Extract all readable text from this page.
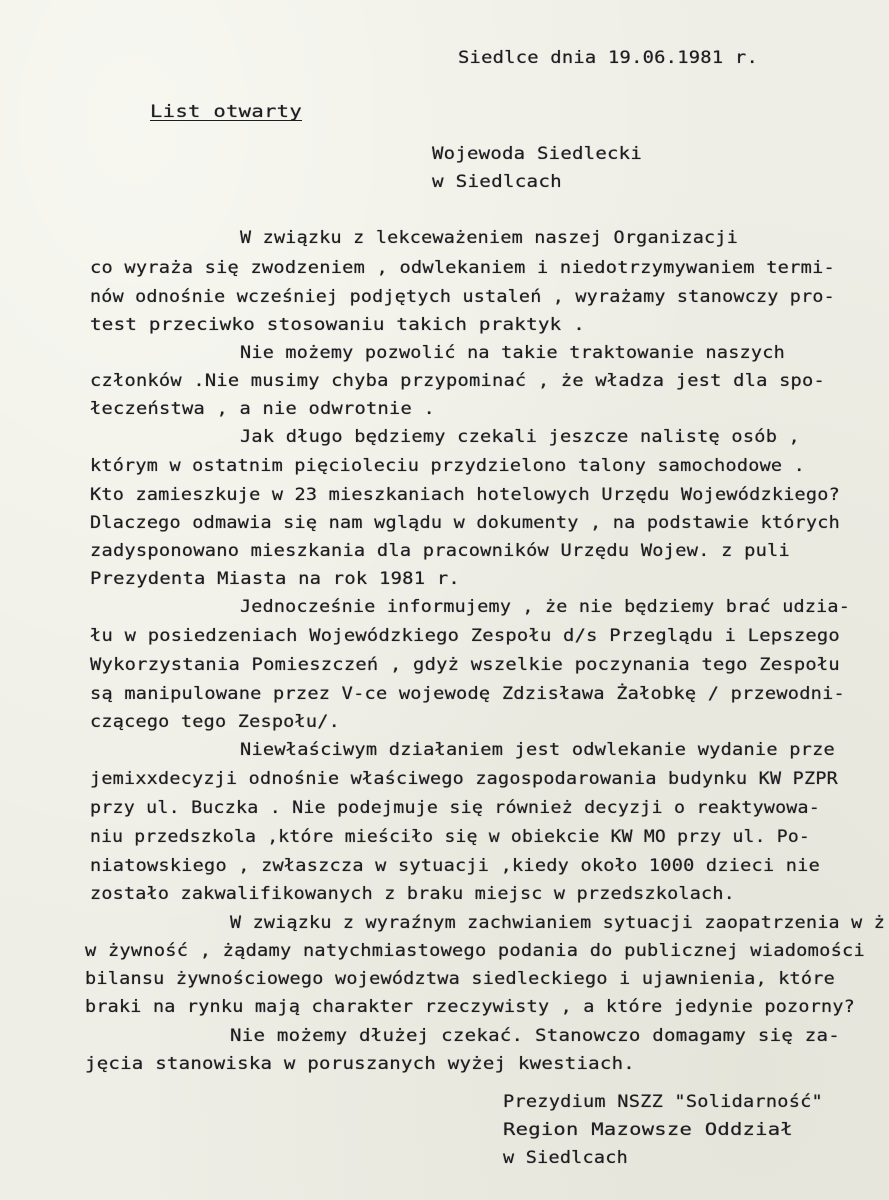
Siedlce dnia 19.06.1981 r.
List otwarty
Wojewoda Siedlecki
w Siedlcach
W związku z lekceważeniem naszej Organizacji
co wyraża się zwodzeniem , odwlekaniem i niedotrzymywaniem termi-
nów odnośnie wcześniej podjętych ustaleń , wyrażamy stanowczy pro-
test przeciwko stosowaniu takich praktyk .
Nie możemy pozwolić na takie traktowanie naszych
członków .Nie musimy chyba przypominać , że władza jest dla spo-
łeczeństwa , a nie odwrotnie .
Jak długo będziemy czekali jeszcze nalistę osób ,
którym w ostatnim pięcioleciu przydzielono talony samochodowe .
Kto zamieszkuje w 23 mieszkaniach hotelowych Urzędu Wojewódzkiego?
Dlaczego odmawia się nam wglądu w dokumenty , na podstawie których
zadysponowano mieszkania dla pracowników Urzędu Wojew. z puli
Prezydenta Miasta na rok 1981 r.
Jednocześnie informujemy , że nie będziemy brać udzia-
łu w posiedzeniach Wojewódzkiego Zespołu d/s Przeglądu i Lepszego
Wykorzystania Pomieszczeń , gdyż wszelkie poczynania tego Zespołu
są manipulowane przez V-ce wojewodę Zdzisława Żałobkę / przewodni-
czącego tego Zespołu/.
Niewłaściwym działaniem jest odwlekanie wydanie prze
jemixxdecyzji odnośnie właściwego zagospodarowania budynku KW PZPR
przy ul. Buczka . Nie podejmuje się również decyzji o reaktywowa-
niu przedszkola ,które mieściło się w obiekcie KW MO przy ul. Po-
niatowskiego , zwłaszcza w sytuacji ,kiedy około 1000 dzieci nie
zostało zakwalifikowanych z braku miejsc w przedszkolach.
W związku z wyraźnym zachwianiem sytuacji zaopatrzenia w ż
w żywność , żądamy natychmiastowego podania do publicznej wiadomości
bilansu żywnościowego województwa siedleckiego i ujawnienia, które
braki na rynku mają charakter rzeczywisty , a które jedynie pozorny?
Nie możemy dłużej czekać. Stanowczo domagamy się za-
jęcia stanowiska w poruszanych wyżej kwestiach.
Prezydium NSZZ "Solidarność"
Region Mazowsze Oddział
w Siedlcach
